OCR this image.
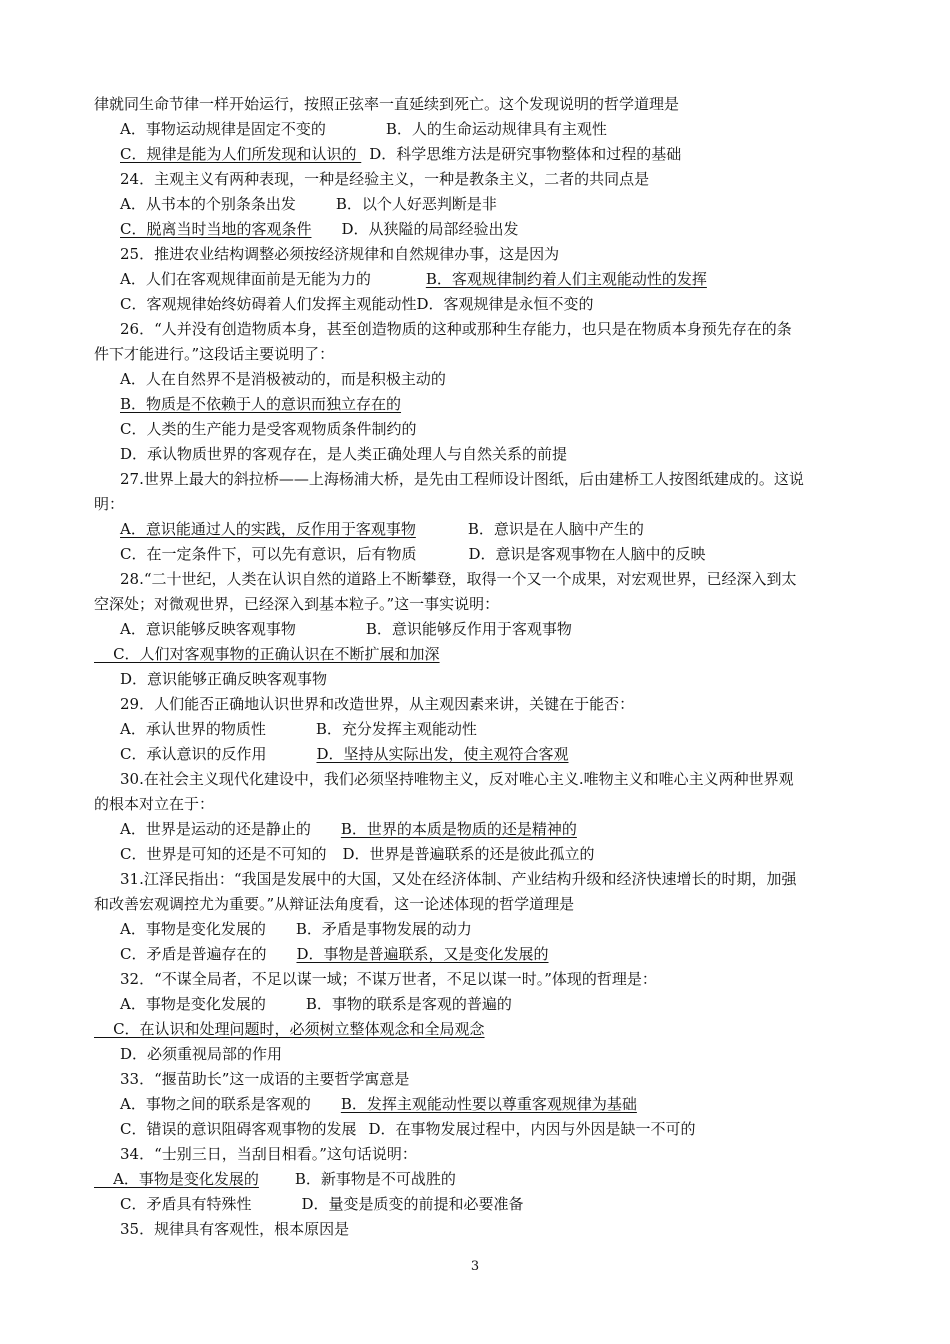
律就同生命节律一样开始运行，按照正弦率一直延续到死亡。这个发现说明的哲学道理是
A．事物运动规律是固定不变的	B．人的生命运动规律具有主观性
C．规律是能为人们所发现和认识的 D．科学思维方法是研究事物整体和过程的基础
24．主观主义有两种表现，一种是经验主义，一种是教条主义，二者的共同点是
A．从书本的个别条条出发	B．以个人好恶判断是非
C．脱离当时当地的客观条件 D．从狭隘的局部经验出发
25．推进农业结构调整必须按经济规律和自然规律办事，这是因为
A．人们在客观规律面前是无能为力的	B．客观规律制约着人们主观能动性的发挥
C．客观规律始终妨碍着人们发挥主观能动性D．客观规律是永恒不变的
26．“人并没有创造物质本身，甚至创造物质的这种或那种生存能力，也只是在物质本身预先存在的条
件下才能进行。”这段话主要说明了：
A．人在自然界不是消极被动的，而是积极主动的
B．物质是不依赖于人的意识而独立存在的
C．人类的生产能力是受客观物质条件制约的
D．承认物质世界的客观存在，是人类正确处理人与自然关系的前提
27.世界上最大的斜拉桥——上海杨浦大桥，是先由工程师设计图纸，后由建桥工人按图纸建成的。这说
明：
A．意识能通过人的实践，反作用于客观事物	B．意识是在人脑中产生的
C．在一定条件下，可以先有意识，后有物质	D．意识是客观事物在人脑中的反映
28.“二十世纪，人类在认识自然的道路上不断攀登，取得一个又一个成果，对宏观世界，已经深入到太
空深处；对微观世界，已经深入到基本粒子。”这一事实说明：
A．意识能够反映客观事物	B．意识能够反作用于客观事物
C．人们对客观事物的正确认识在不断扩展和加深
D．意识能够正确反映客观事物
29．人们能否正确地认识世界和改造世界，从主观因素来讲，关键在于能否：
A．承认世界的物质性	B．充分发挥主观能动性
C．承认意识的反作用	D．坚持从实际出发，使主观符合客观
30.在社会主义现代化建设中，我们必须坚持唯物主义，反对唯心主义.唯物主义和唯心主义两种世界观
的根本对立在于：
A．世界是运动的还是静止的 B．世界的本质是物质的还是精神的
C．世界是可知的还是不可知的 D．世界是普遍联系的还是彼此孤立的
31.江泽民指出：“我国是发展中的大国，又处在经济体制、产业结构升级和经济快速增长的时期，加强
和改善宏观调控尤为重要。”从辩证法角度看，这一论述体现的哲学道理是
A．事物是变化发展的 B．矛盾是事物发展的动力
C．矛盾是普遍存在的 D．事物是普遍联系，又是变化发展的
32．“不谋全局者，不足以谋一域；不谋万世者，不足以谋一时。”体现的哲理是：
A．事物是变化发展的	B．事物的联系是客观的普遍的
C．在认识和处理问题时，必须树立整体观念和全局观念
D．必须重视局部的作用
33．“揠苗助长”这一成语的主要哲学寓意是
A．事物之间的联系是客观的 B．发挥主观能动性要以尊重客观规律为基础
C．错误的意识阻碍客观事物的发展 D．在事物发展过程中，内因与外因是缺一不可的
34．“士别三日，当刮目相看。”这句话说明：
A．事物是变化发展的 B．新事物是不可战胜的
C．矛盾具有特殊性	D．量变是质变的前提和必要准备
35．规律具有客观性，根本原因是
3
